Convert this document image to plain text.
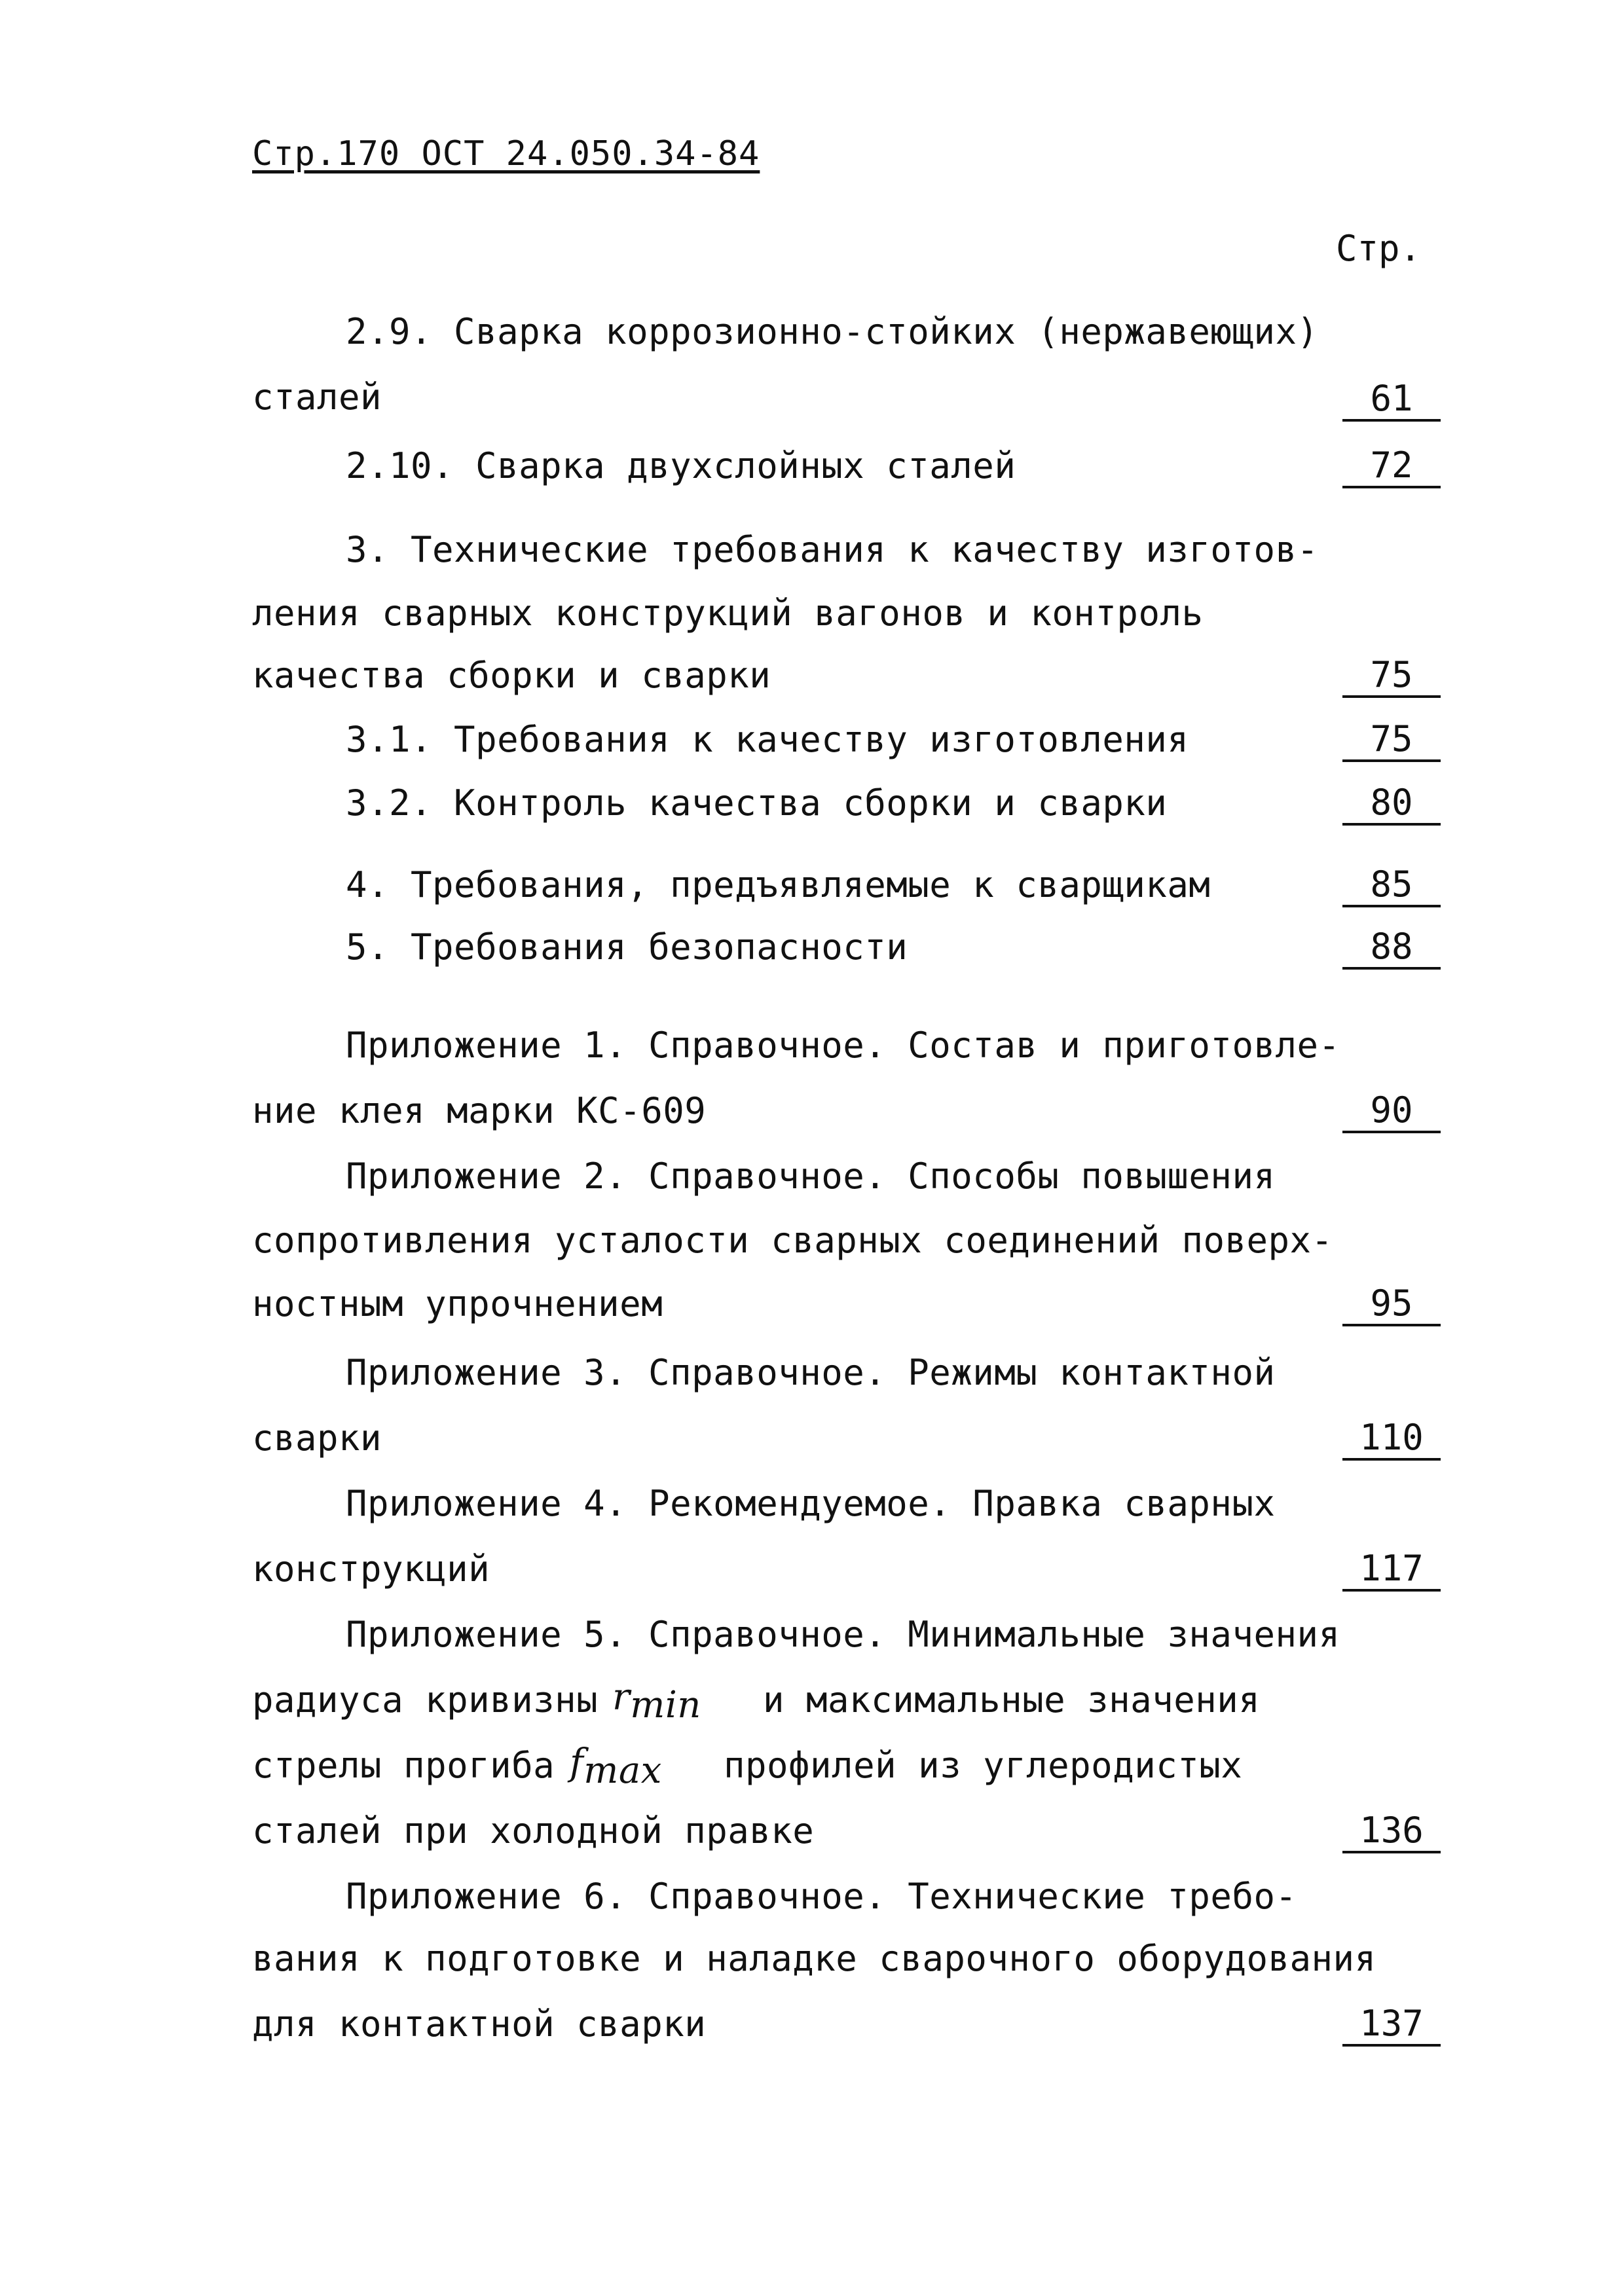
Стр.170 ОСТ 24.050.34-84
Стр.
2.9. Сварка коррозионно-стойких (нержавеющих)
сталей	61
2.10. Сварка двухслойных сталей	72
3. Технические требования к качеству изготов-
ления сварных конструкций вагонов и контроль
качества сборки и сварки	75
3.1. Требования к качеству изготовления	75
3.2. Контроль качества сборки и сварки	80
4. Требования, предъявляемые к сварщикам	85
5. Требования безопасности	88
Приложение 1. Справочное. Состав и приготовле-
ние клея марки КС-609	90
Приложение 2. Справочное. Способы повышения
сопротивления усталости сварных соединений поверх-
ностным упрочнением	95
Приложение 3. Справочное. Режимы контактной
сварки	110
Приложение 4. Рекомендуемое. Правка сварных
конструкций	117
Приложение 5. Справочное. Минимальные значения
радиуса кривизны $r_{min}$ и максимальные значения
стрелы прогиба $f_{max}$ профилей из углеродистых
сталей при холодной правке	136
Приложение 6. Справочное. Технические требо-
вания к подготовке и наладке сварочного оборудования
для контактной сварки	137
